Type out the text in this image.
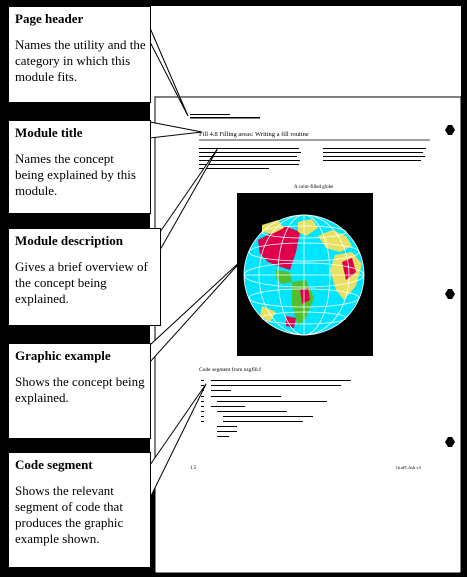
Fill 4.8 Filling areas: Writing a fill routine
A color-filled globe
Code segment from ezgfill.f
1.5	GraFLAsh v3
Page header
Names the utility and the category in which this module fits.
Module title
Names the concept being explained by this module.
Module description
Gives a brief overview of the concept being explained.
Graphic example
Shows the concept being explained.
Code segment
Shows the relevant segment of code that produces the graphic example shown.
